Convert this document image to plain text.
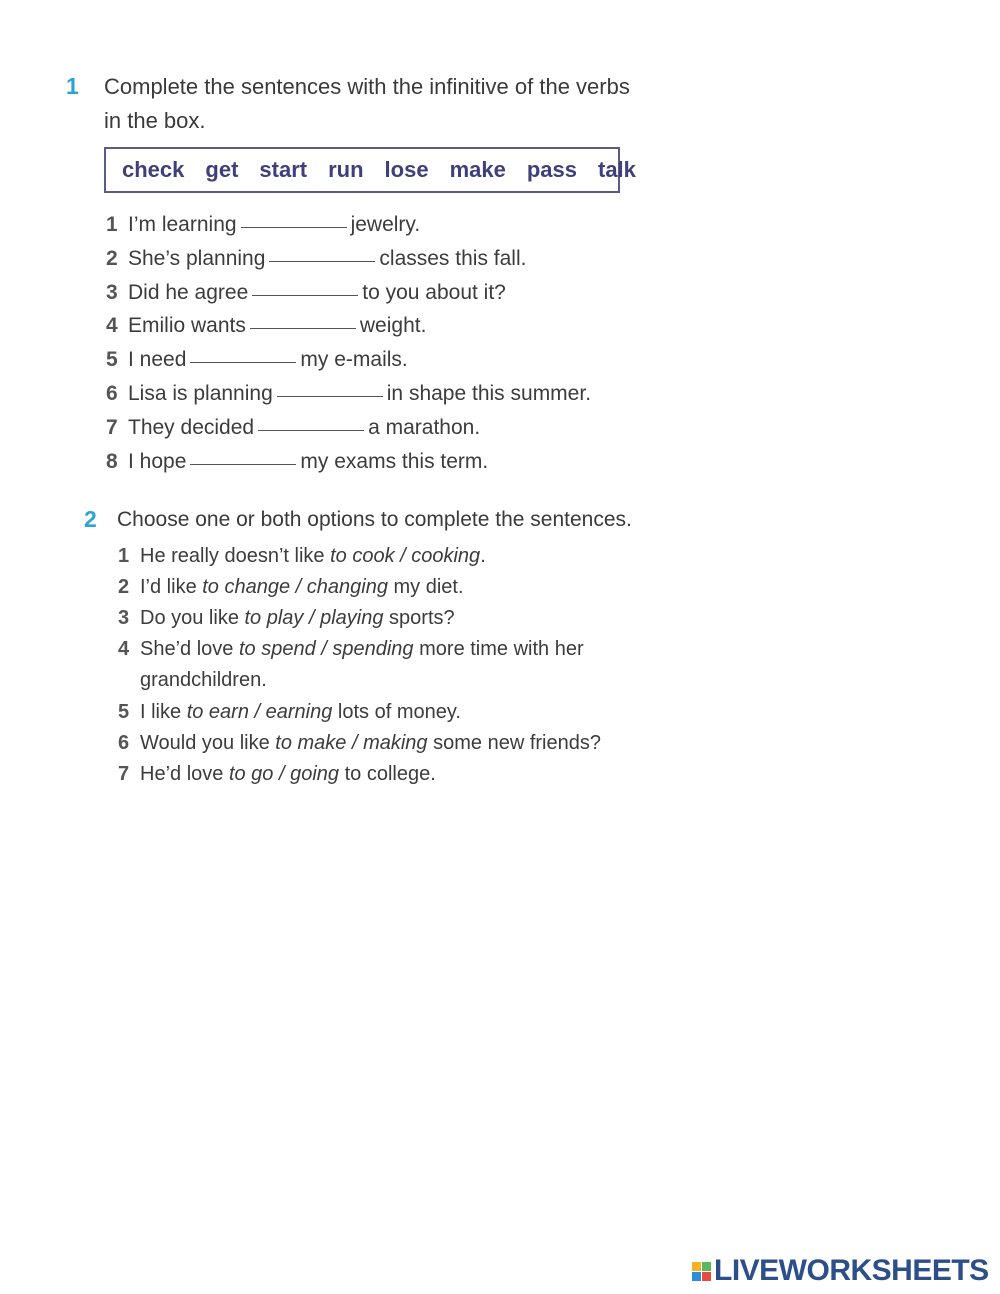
1 Complete the sentences with the infinitive of the verbs
in the box.
check get start run lose make pass talk
1 I’m learning	jewelry.
2 She’s planning	classes this fall.
3 Did he agree	to you about it?
4 Emilio wants	weight.
5 I need	my e-mails.
6 Lisa is planning	in shape this summer.
7 They decided	a marathon.
8 I hope	my exams this term.
2 Choose one or both options to complete the sentences.
1 He really doesn’t like to cook / cooking.
2 I’d like to change / changing my diet.
3 Do you like to play / playing sports?
4 She’d love to spend / spending more time with her
grandchildren.
5 I like to earn / earning lots of money.
6 Would you like to make / making some new friends?
7 He’d love to go / going to college.
LIVEWORKSHEETS
